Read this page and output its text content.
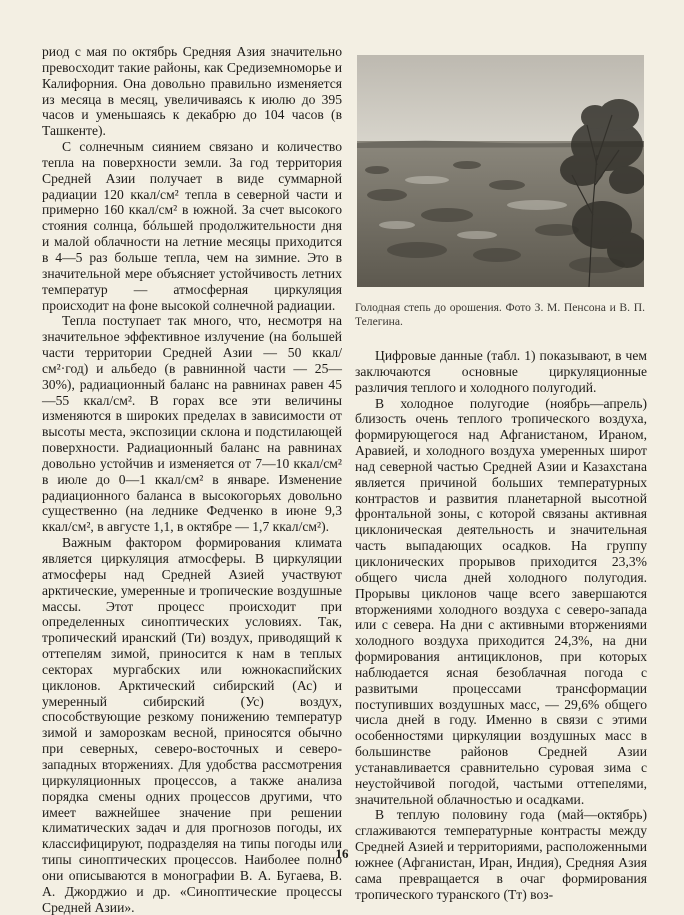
риод с мая по октябрь Средняя Азия значительно превосходит такие районы, как Средиземноморье и Калифорния. Она довольно правильно изменяется из месяца в месяц, увеличиваясь к июлю до 395 часов и уменьшаясь к декабрю до 104 часов (в Ташкенте).

С солнечным сиянием связано и количество тепла на поверхности земли. За год территория Средней Азии получает в виде суммарной радиации 120 ккал/см² тепла в северной части и примерно 160 ккал/см² в южной. За счет высокого стояния солнца, бóльшей продолжительности дня и малой облачности на летние месяцы приходится в 4—5 раз больше тепла, чем на зимние. Это в значительной мере объясняет устойчивость летних температур — атмосферная циркуляция происходит на фоне высокой солнечной радиации.

Тепла поступает так много, что, несмотря на значительное эффективное излучение (на большей части территории Средней Азии — 50 ккал/см²·год) и альбедо (в равнинной части — 25—30%), радиационный баланс на равнинах равен 45—55 ккал/см². В горах все эти величины изменяются в широких пределах в зависимости от высоты места, экспозиции склона и подстилающей поверхности. Радиационный баланс на равнинах довольно устойчив и изменяется от 7—10 ккал/см² в июле до 0—1 ккал/см² в январе. Изменение радиационного баланса в высокогорьях довольно существенно (на леднике Федченко в июне 9,3 ккал/см², в августе 1,1, в октябре — 1,7 ккал/см²).

Важным фактором формирования климата является циркуляция атмосферы. В циркуляции атмосферы над Средней Азией участвуют арктические, умеренные и тропические воздушные массы. Этот процесс происходит при определенных синоптических условиях. Так, тропический иранский (Ти) воздух, приводящий к оттепелям зимой, приносится к нам в теплых секторах мургабских или южнокаспийских циклонов. Арктический сибирский (Ас) и умеренный сибирский (Ус) воздух, способствующие резкому понижению температур зимой и заморозкам весной, приносятся обычно при северных, северо-восточных и северо-западных вторжениях. Для удобства рассмотрения циркуляционных процессов, а также анализа порядка смены одних процессов другими, что имеет важнейшее значение при решении климатических задач и для прогнозов погоды, их классифицируют, подразделяя на типы погоды или типы синоптических процессов. Наиболее полно они описываются в монографии В. А. Бугаева, В. А. Джорджио и др. «Синоптические процессы Средней Азии».

Голодная степь до орошения. Фото З. М. Пенсона и В. П. Телегина.

Цифровые данные (табл. 1) показывают, в чем заключаются основные циркуляционные различия теплого и холодного полугодий.

В холодное полугодие (ноябрь—апрель) близость очень теплого тропического воздуха, формирующегося над Афганистаном, Ираном, Аравией, и холодного воздуха умеренных широт над северной частью Средней Азии и Казахстана является причиной больших температурных контрастов и развития планетарной высотной фронтальной зоны, с которой связаны активная циклоническая деятельность и значительная часть выпадающих осадков. На группу циклонических прорывов приходится 23,3% общего числа дней холодного полугодия. Прорывы циклонов чаще всего завершаются вторжениями холодного воздуха с северо-запада или с севера. На дни с активными вторжениями холодного воздуха приходится 24,3%, на дни формирования антициклонов, при которых наблюдается ясная безоблачная погода с развитыми процессами трансформации поступивших воздушных масс, — 29,6% общего числа дней в году. Именно в связи с этими особенностями циркуляции воздушных масс в большинстве районов Средней Азии устанавливается сравнительно суровая зима с неустойчивой погодой, частыми оттепелями, значительной облачностью и осадками.

В теплую половину года (май—октябрь) сглаживаются температурные контрасты между Средней Азией и территориями, расположенными южнее (Афганистан, Иран, Индия), Средняя Азия сама превращается в очаг формирования тропического туранского (Тт) воз-

16
